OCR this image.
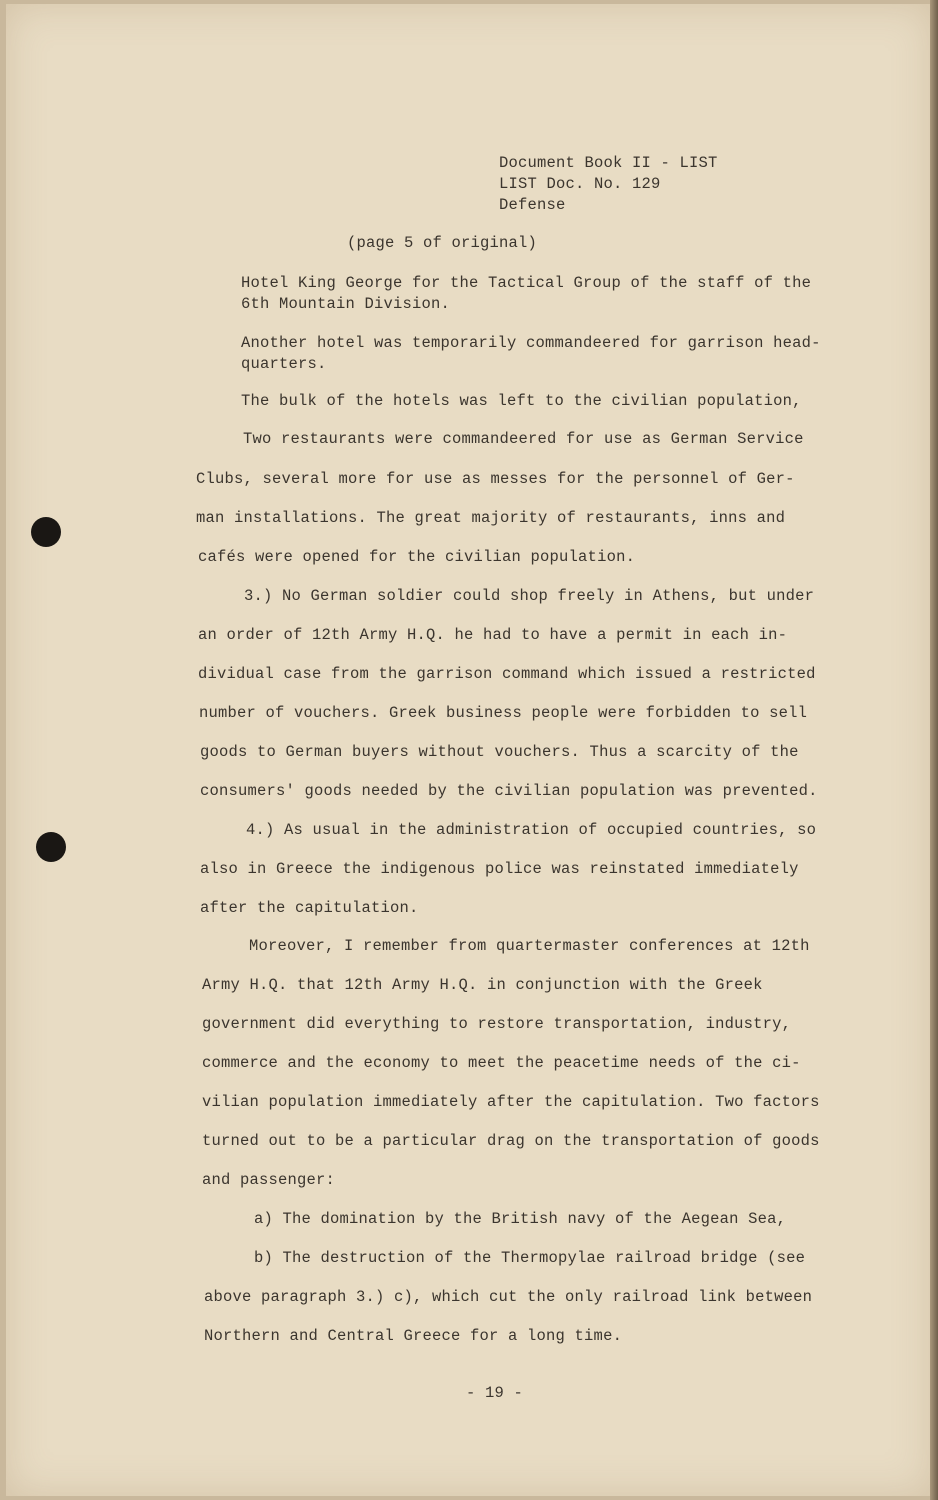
Document Book II - LIST
LIST Doc. No. 129
Defense
(page 5 of original)
Hotel King George for the Tactical Group of the staff of the
6th Mountain Division.
Another hotel was temporarily commandeered for garrison head-
quarters.
The bulk of the hotels was left to the civilian population,
Two restaurants were commandeered for use as German Service
Clubs, several more for use as messes for the personnel of Ger-
man installations. The great majority of restaurants, inns and
cafés were opened for the civilian population.
3.) No German soldier could shop freely in Athens, but under
an order of 12th Army H.Q. he had to have a permit in each in-
dividual case from the garrison command which issued a restricted
number of vouchers. Greek business people were forbidden to sell
goods to German buyers without vouchers. Thus a scarcity of the
consumers' goods needed by the civilian population was prevented.
4.) As usual in the administration of occupied countries, so
also in Greece the indigenous police was reinstated immediately
after the capitulation.
Moreover, I remember from quartermaster conferences at 12th
Army H.Q. that 12th Army H.Q. in conjunction with the Greek
government did everything to restore transportation, industry,
commerce and the economy to meet the peacetime needs of the ci-
vilian population immediately after the capitulation. Two factors
turned out to be a particular drag on the transportation of goods
and passenger:
a) The domination by the British navy of the Aegean Sea,
b) The destruction of the Thermopylae railroad bridge (see
above paragraph 3.) c), which cut the only railroad link between
Northern and Central Greece for a long time.
- 19 -
